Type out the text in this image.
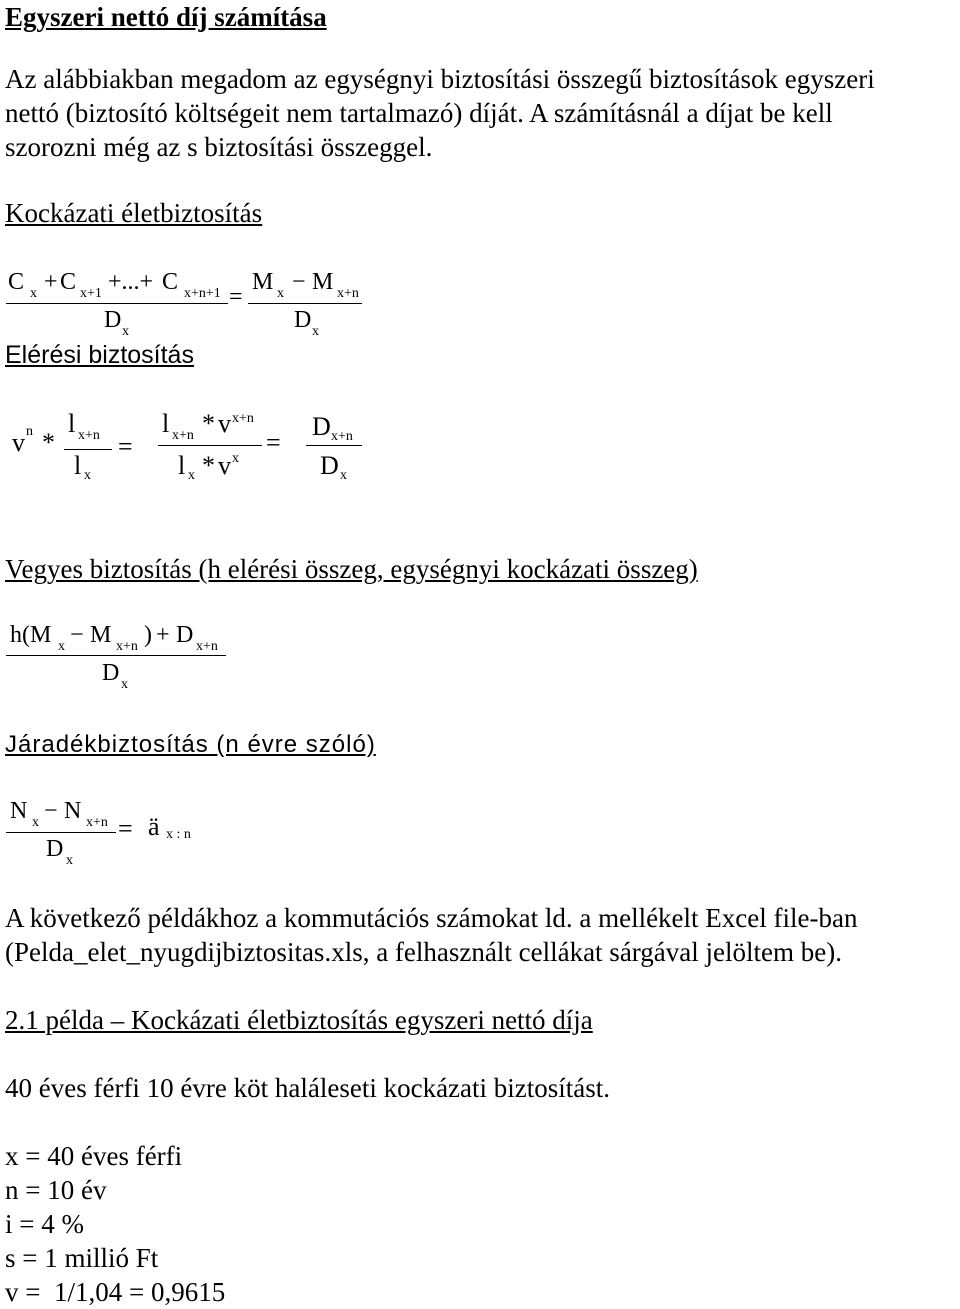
Egyszeri nettó díj számítása
Az alábbiakban megadom az egységnyi biztosítási összegű biztosítások egyszeri
nettó (biztosító költségeit nem tartalmazó) díját. A számításnál a díjat be kell
szorozni még az s biztosítási összeggel.
Kockázati életbiztosítás
C x + C x+1 +...+ C x+n+1
D x
=
M x − M x+n
D x
Elérési biztosítás
v n *
l x+n
l x
=
l x+n * v x+n
l x * v x
=
D x+n
D x
Vegyes biztosítás (h elérési összeg, egységnyi kockázati összeg)
h(M x − M x+n ) + D x+n
D x
Járadékbiztosítás (n évre szóló)
N x − N x+n
D x
= ä x : n
A következő példákhoz a kommutációs számokat ld. a mellékelt Excel file-ban
(Pelda_elet_nyugdijbiztositas.xls, a felhasznált cellákat sárgával jelöltem be).
2.1 példa – Kockázati életbiztosítás egyszeri nettó díja
40 éves férfi 10 évre köt haláleseti kockázati biztosítást.
x = 40 éves férfi
n = 10 év
i = 4 %
s = 1 millió Ft
v =  1/1,04 = 0,9615
